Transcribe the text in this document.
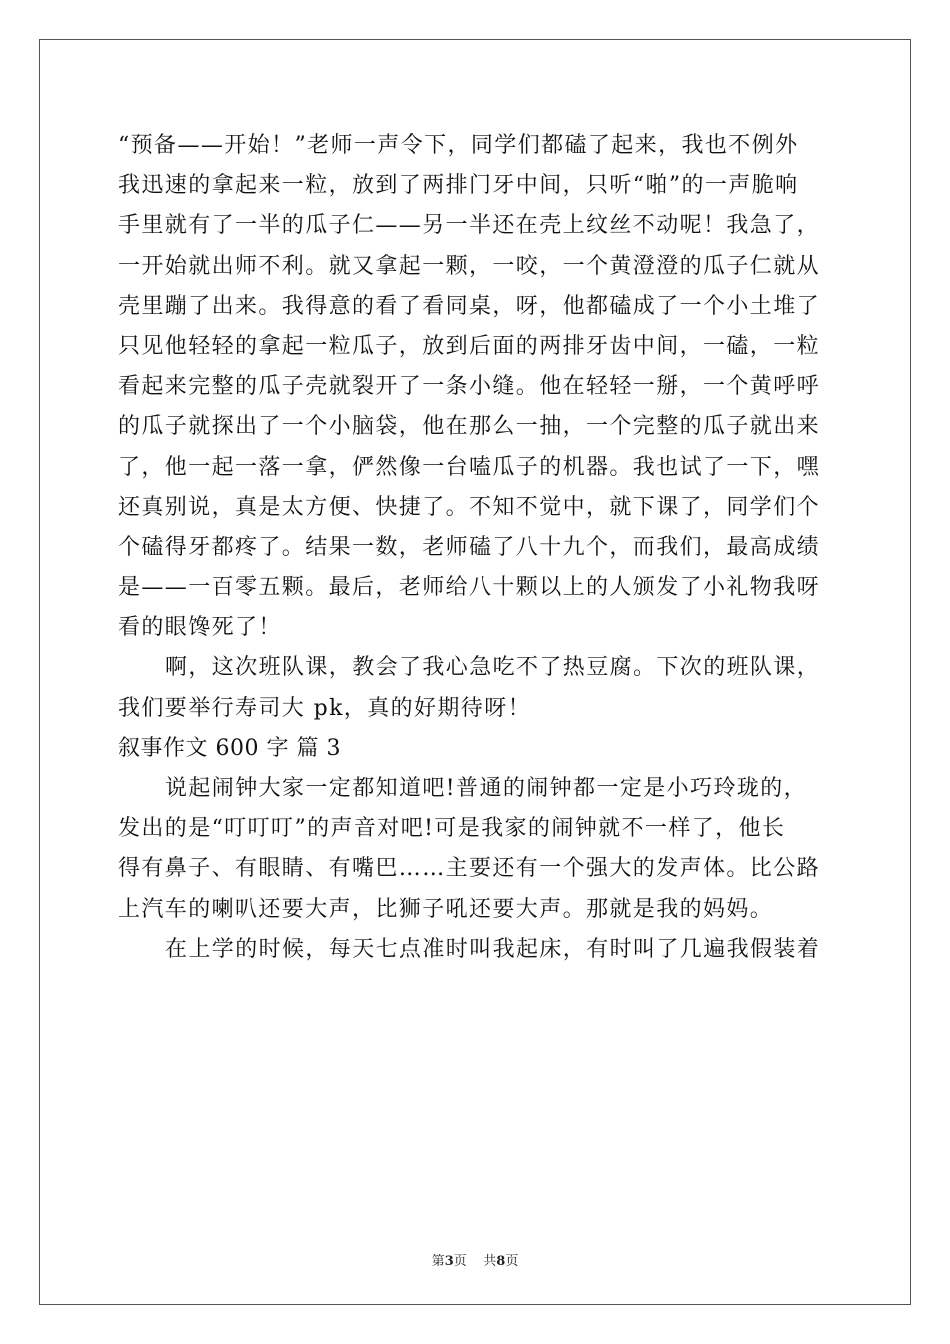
“预备——开始！”老师一声令下，同学们都磕了起来，我也不例外
我迅速的拿起来一粒，放到了两排门牙中间，只听“啪”的一声脆响
手里就有了一半的瓜子仁——另一半还在壳上纹丝不动呢！我急了，
一开始就出师不利。就又拿起一颗，一咬，一个黄澄澄的瓜子仁就从
壳里蹦了出来。我得意的看了看同桌，呀，他都磕成了一个小土堆了
只见他轻轻的拿起一粒瓜子，放到后面的两排牙齿中间，一磕，一粒
看起来完整的瓜子壳就裂开了一条小缝。他在轻轻一掰，一个黄呼呼
的瓜子就探出了一个小脑袋，他在那么一抽，一个完整的瓜子就出来
了，他一起一落一拿，俨然像一台嗑瓜子的机器。我也试了一下，嘿
还真别说，真是太方便、快捷了。不知不觉中，就下课了，同学们个
个磕得牙都疼了。结果一数，老师磕了八十九个，而我们，最高成绩
是——一百零五颗。最后，老师给八十颗以上的人颁发了小礼物我呀
看的眼馋死了！
啊，这次班队课，教会了我心急吃不了热豆腐。下次的班队课，
我们要举行寿司大 pk，真的好期待呀！
叙事作文 600 字 篇 3
说起闹钟大家一定都知道吧!普通的闹钟都一定是小巧玲珑的，
发出的是“叮叮叮”的声音对吧!可是我家的闹钟就不一样了，他长
得有鼻子、有眼睛、有嘴巴……主要还有一个强大的发声体。比公路
上汽车的喇叭还要大声，比狮子吼还要大声。那就是我的妈妈。
在上学的时候，每天七点准时叫我起床，有时叫了几遍我假装着
第3页    共8页
